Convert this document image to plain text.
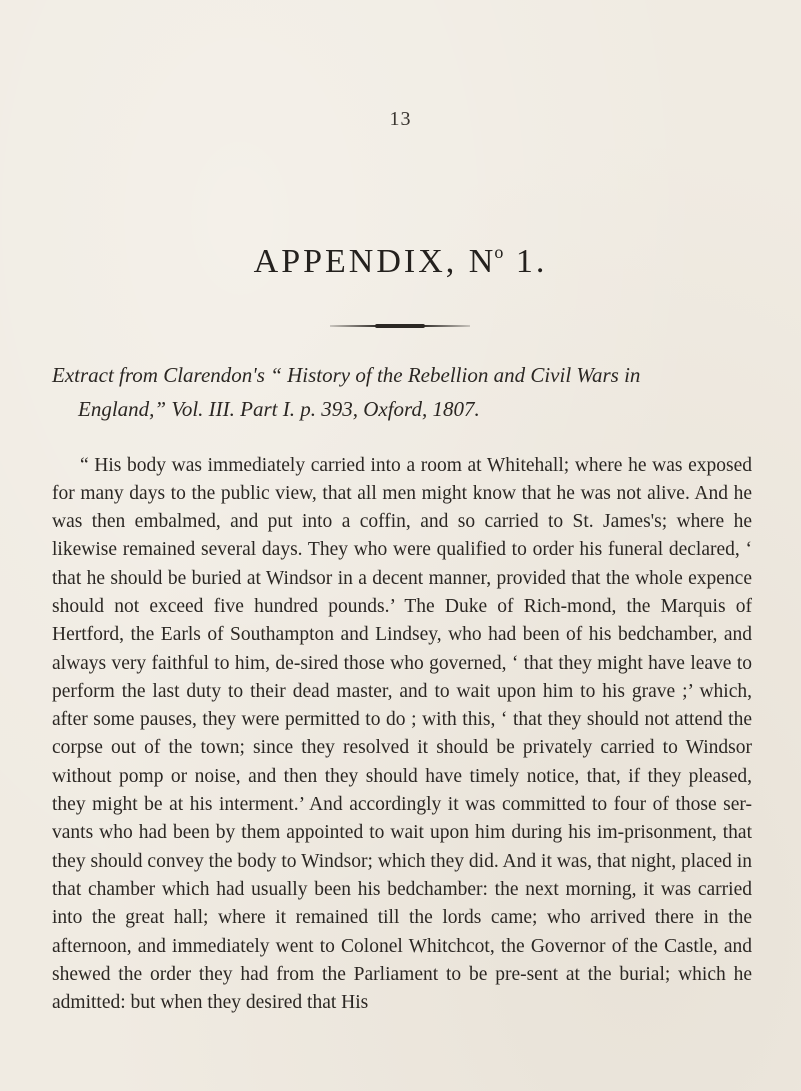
13
APPENDIX, $N^o$ 1.
Extract from Clarendon's “ History of the Rebellion and Civil Wars in
England,” Vol. III. Part I. p. 393, Oxford, 1807.

“ His body was immediately carried into a room at Whitehall; where he was exposed for many days to the public view, that all men might know that he was not alive. And he was then embalmed, and put into a coffin, and so carried to St. James's; where he likewise remained several days. They who were qualified to order his funeral declared, ‘ that he should be buried at Windsor in a decent manner, provided that the whole expence should not exceed five hundred pounds.’ The Duke of Rich-mond, the Marquis of Hertford, the Earls of Southampton and Lindsey, who had been of his bedchamber, and always very faithful to him, de-sired those who governed, ‘ that they might have leave to perform the last duty to their dead master, and to wait upon him to his grave ;’ which, after some pauses, they were permitted to do ; with this, ‘ that they should not attend the corpse out of the town; since they resolved it should be privately carried to Windsor without pomp or noise, and then they should have timely notice, that, if they pleased, they might be at his interment.’ And accordingly it was committed to four of those ser-vants who had been by them appointed to wait upon him during his im-prisonment, that they should convey the body to Windsor; which they did. And it was, that night, placed in that chamber which had usually been his bedchamber: the next morning, it was carried into the great hall; where it remained till the lords came; who arrived there in the afternoon, and immediately went to Colonel Whitchcot, the Governor of the Castle, and shewed the order they had from the Parliament to be pre-sent at the burial; which he admitted: but when they desired that His
